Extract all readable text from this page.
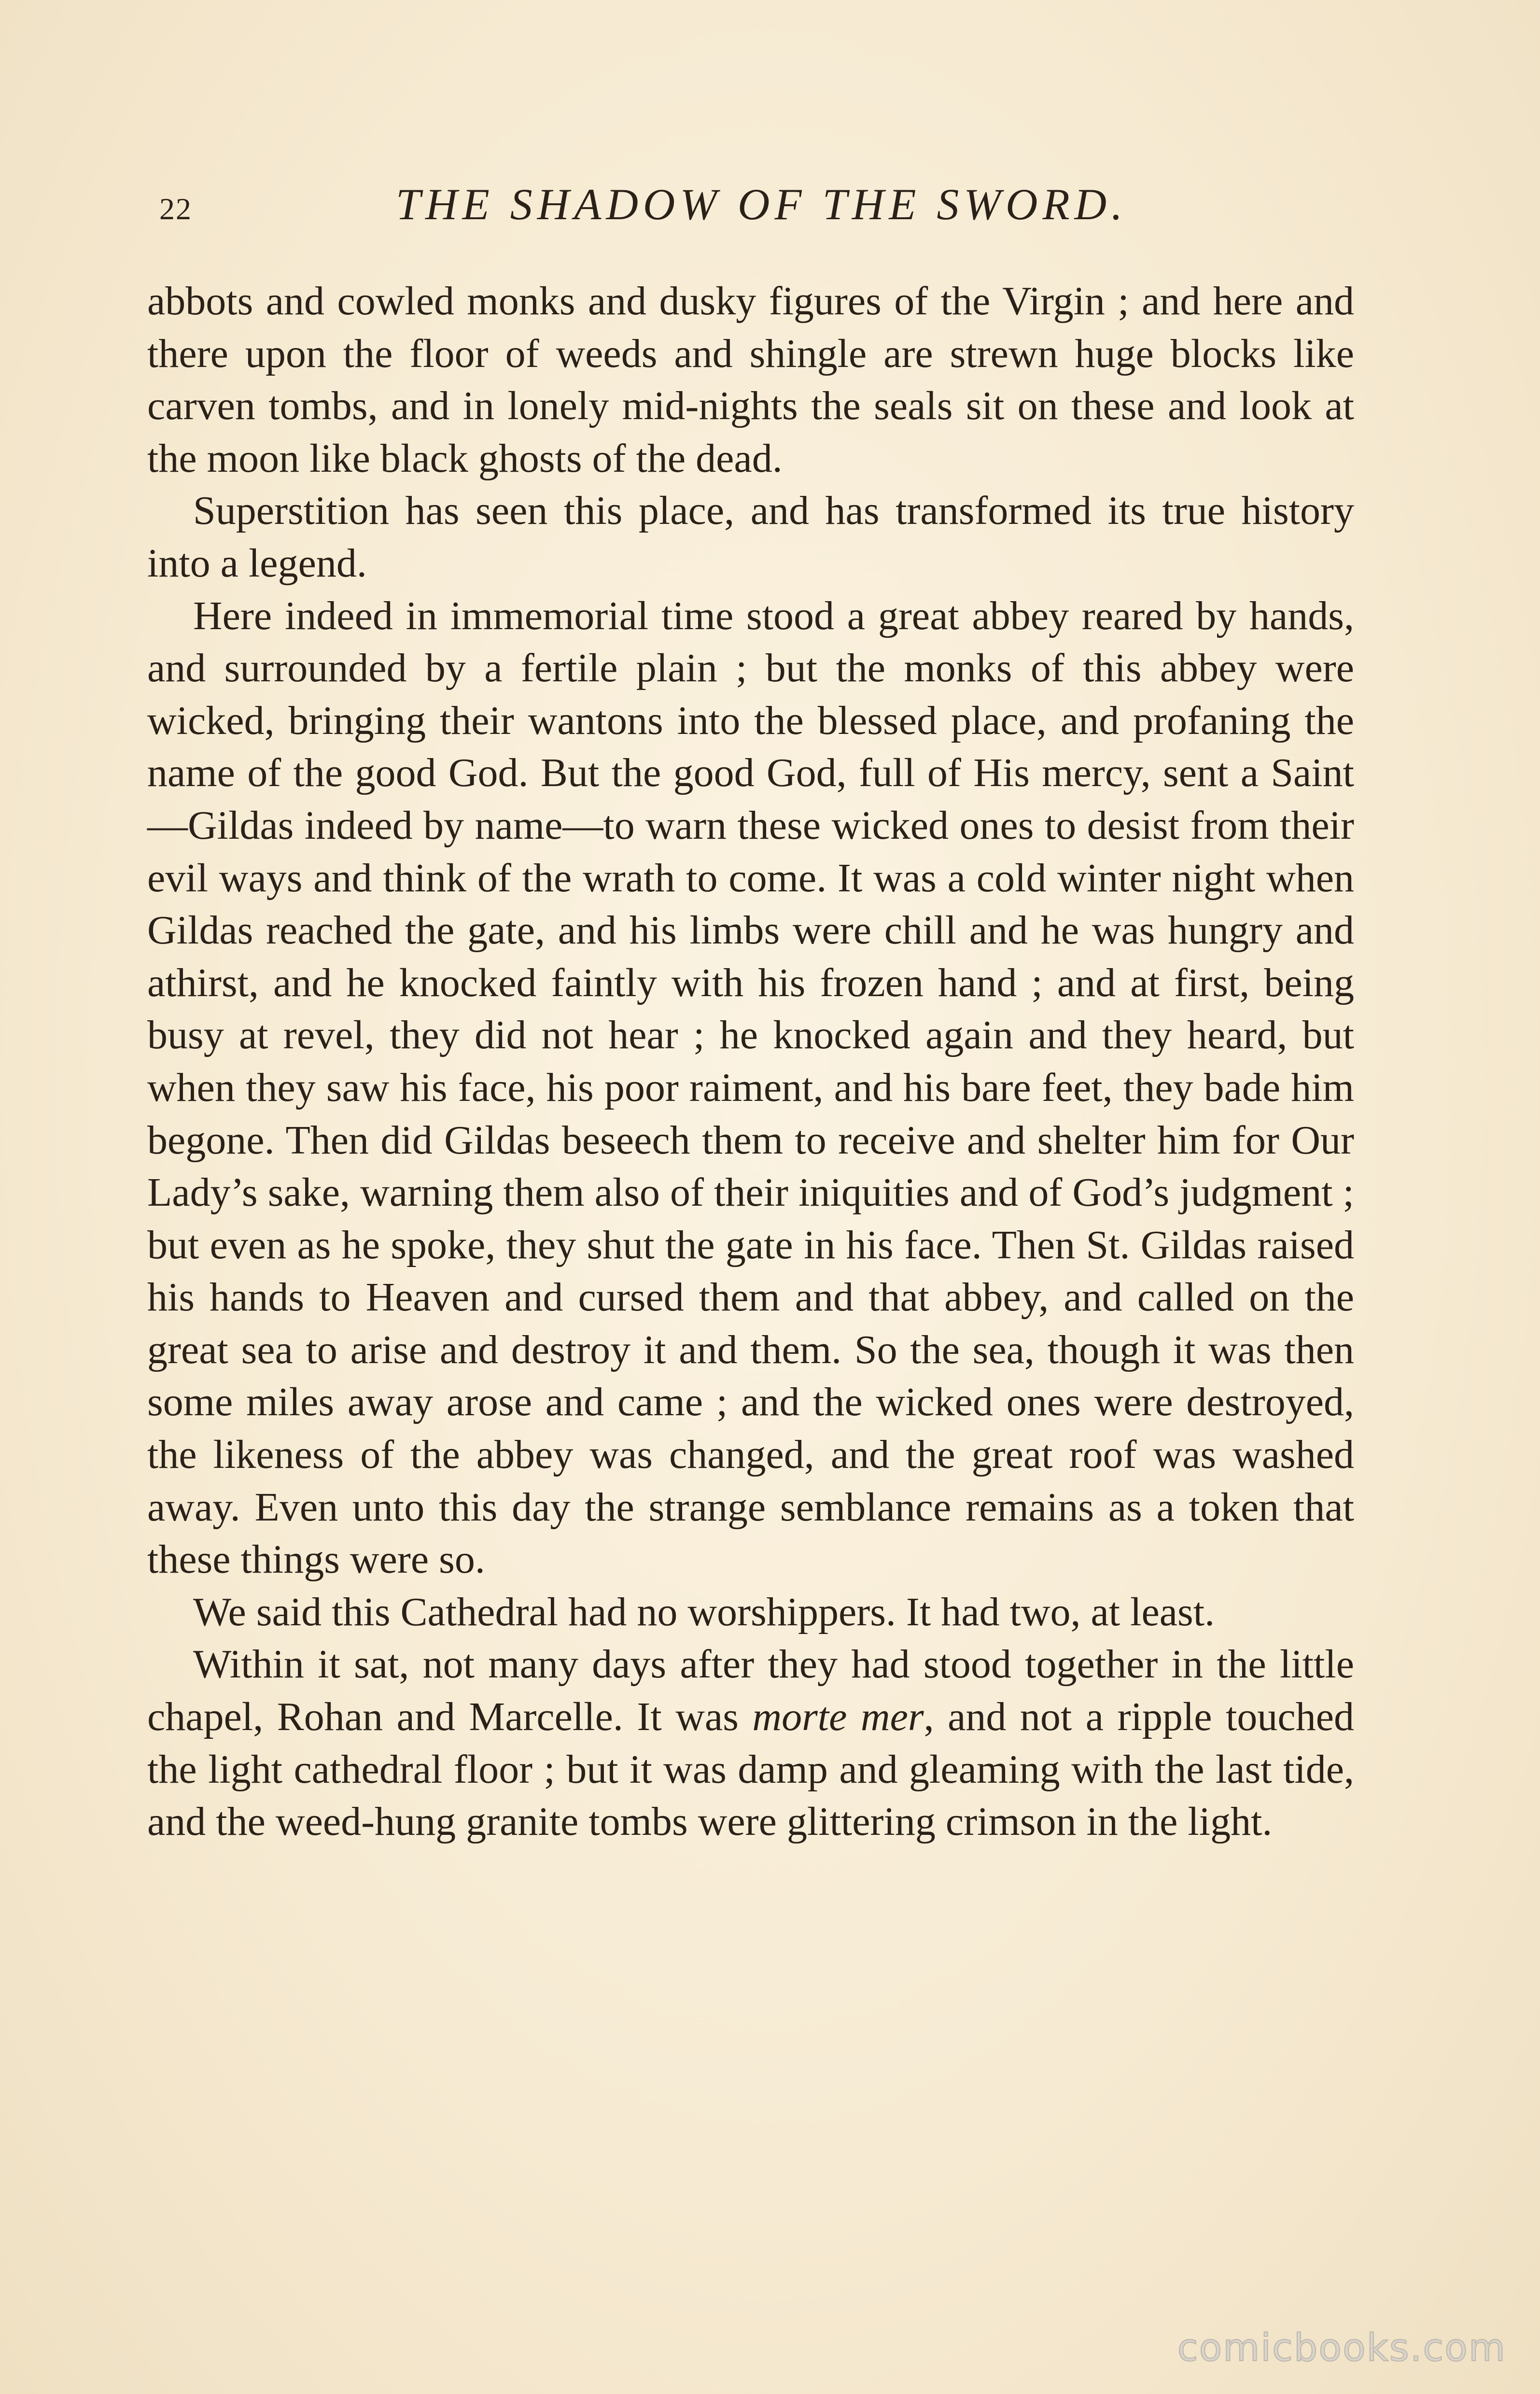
22	THE SHADOW OF THE SWORD.

abbots and cowled monks and dusky figures of the Virgin ; and here and there upon the floor of weeds and shingle are strewn huge blocks like carven tombs, and in lonely mid-nights the seals sit on these and look at the moon like black ghosts of the dead.

Superstition has seen this place, and has transformed its true history into a legend.

Here indeed in immemorial time stood a great abbey reared by hands, and surrounded by a fertile plain ; but the monks of this abbey were wicked, bringing their wantons into the blessed place, and profaning the name of the good God. But the good God, full of His mercy, sent a Saint—Gildas indeed by name—to warn these wicked ones to desist from their evil ways and think of the wrath to come. It was a cold winter night when Gildas reached the gate, and his limbs were chill and he was hungry and athirst, and he knocked faintly with his frozen hand ; and at first, being busy at revel, they did not hear ; he knocked again and they heard, but when they saw his face, his poor raiment, and his bare feet, they bade him begone. Then did Gildas beseech them to receive and shelter him for Our Lady’s sake, warning them also of their iniquities and of God’s judgment ; but even as he spoke, they shut the gate in his face. Then St. Gildas raised his hands to Heaven and cursed them and that abbey, and called on the great sea to arise and destroy it and them. So the sea, though it was then some miles away arose and came ; and the wicked ones were destroyed, the likeness of the abbey was changed, and the great roof was washed away. Even unto this day the strange semblance remains as a token that these things were so.

We said this Cathedral had no worshippers. It had two, at least.

Within it sat, not many days after they had stood together in the little chapel, Rohan and Marcelle. It was morte mer, and not a ripple touched the light cathedral floor ; but it was damp and gleaming with the last tide, and the weed-hung granite tombs were glittering crimson in the light.

comicbooks.com
